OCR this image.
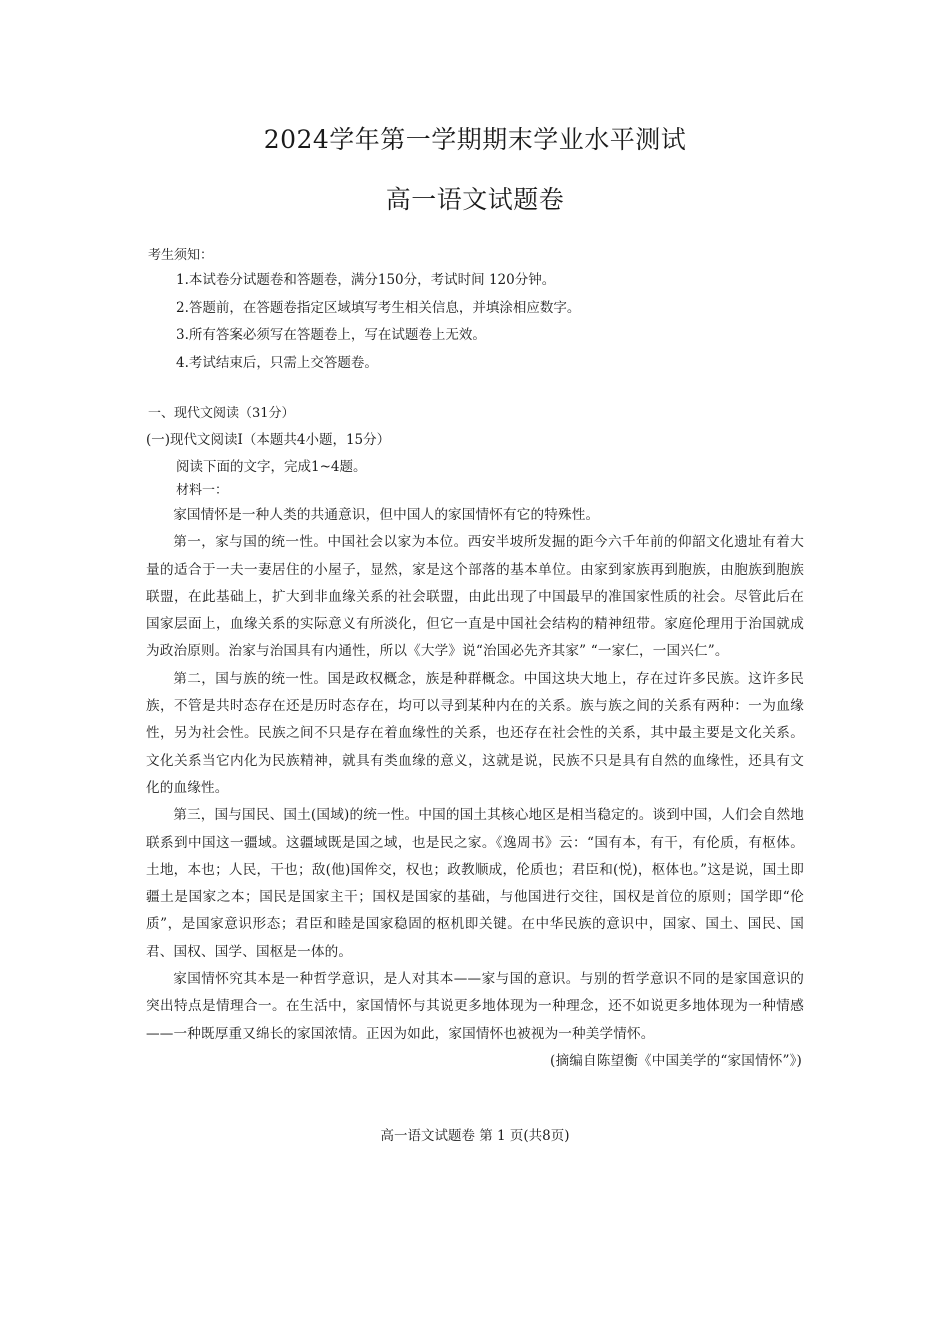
2024学年第一学期期末学业水平测试
高一语文试题卷
考生须知：
1.本试卷分试题卷和答题卷，满分150分，考试时间 120分钟。
2.答题前，在答题卷指定区域填写考生相关信息，并填涂相应数字。
3.所有答案必须写在答题卷上，写在试题卷上无效。
4.考试结束后，只需上交答题卷。
一、现代文阅读（31分）
(一)现代文阅读Ⅰ（本题共4小题，15分）
阅读下面的文字，完成1~4题。
材料一：

家国情怀是一种人类的共通意识，但中国人的家国情怀有它的特殊性。

第一，家与国的统一性。中国社会以家为本位。西安半坡所发掘的距今六千年前的仰韶文化遗址有着大量的适合于一夫一妻居住的小屋子，显然，家是这个部落的基本单位。由家到家族再到胞族，由胞族到胞族联盟，在此基础上，扩大到非血缘关系的社会联盟，由此出现了中国最早的准国家性质的社会。尽管此后在国家层面上，血缘关系的实际意义有所淡化，但它一直是中国社会结构的精神纽带。家庭伦理用于治国就成为政治原则。治家与治国具有内通性，所以《大学》说“治国必先齐其家” “一家仁，一国兴仁”。

第二，国与族的统一性。国是政权概念，族是种群概念。中国这块大地上，存在过许多民族。这许多民族，不管是共时态存在还是历时态存在，均可以寻到某种内在的关系。族与族之间的关系有两种：一为血缘性，另为社会性。民族之间不只是存在着血缘性的关系，也还存在社会性的关系，其中最主要是文化关系。文化关系当它内化为民族精神，就具有类血缘的意义，这就是说，民族不只是具有自然的血缘性，还具有文化的血缘性。

第三，国与国民、国土(国域)的统一性。中国的国土其核心地区是相当稳定的。谈到中国，人们会自然地联系到中国这一疆域。这疆域既是国之域，也是民之家。《逸周书》云：“国有本，有干，有伦质，有枢体。土地，本也；人民，干也；敌(他)国侔交，权也；政教顺成，伦质也；君臣和(悦)，枢体也。”这是说，国土即疆土是国家之本；国民是国家主干；国权是国家的基础，与他国进行交往，国权是首位的原则；国学即“伦质”，是国家意识形态；君臣和睦是国家稳固的枢机即关键。在中华民族的意识中，国家、国土、国民、国君、国权、国学、国枢是一体的。

家国情怀究其本是一种哲学意识，是人对其本——家与国的意识。与别的哲学意识不同的是家国意识的突出特点是情理合一。在生活中，家国情怀与其说更多地体现为一种理念，还不如说更多地体现为一种情感——一种既厚重又绵长的家国浓情。正因为如此，家国情怀也被视为一种美学情怀。

(摘编自陈望衡《中国美学的“家国情怀”》)
高一语文试题卷 第 1 页(共8页)
